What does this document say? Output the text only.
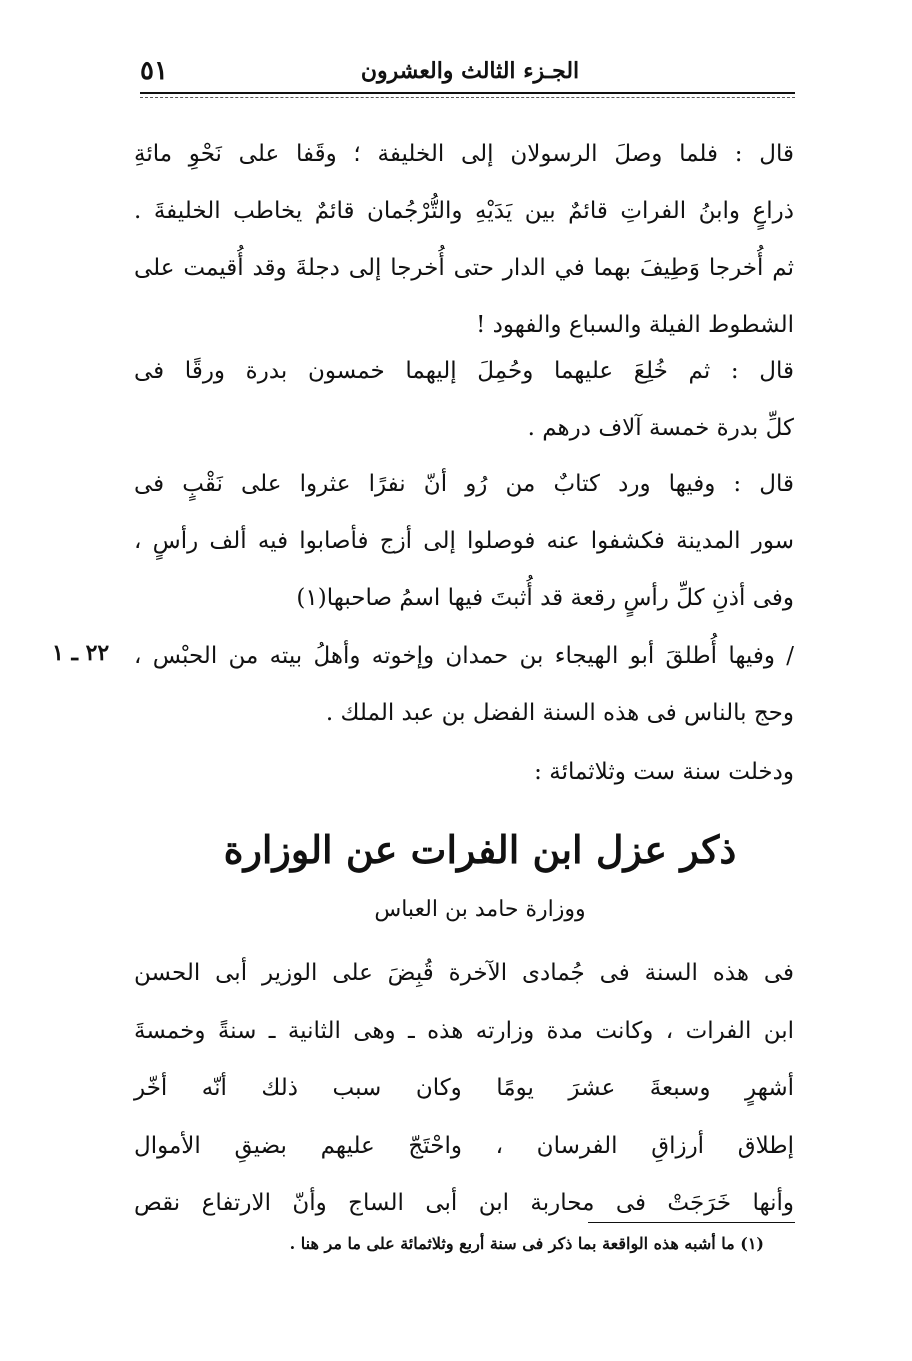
٥١	الجـزء الثالث والعشرون
قال : فلما وصلَ الرسولان إلى الخليفة ؛ وقَفا على نَحْوِ مائةِ
ذراعٍ وابنُ الفراتِ قائمٌ بين يَدَيْهِ والتُّرْجُمان قائمٌ يخاطب الخليفةَ .
ثم أُخرجا وَطِيفَ بهما في الدار حتى أُخرجا إلى دجلةَ وقد أُقيمت على
الشطوط الفيلة والسباع والفهود !
قال : ثم خُلِعَ عليهما وحُمِلَ إليهما خمسون بدرة ورقًا فى
كلِّ بدرة خمسة آلاف درهم .
قال : وفيها ورد كتابٌ من رُو أنّ نفرًا عثروا على نَقْبٍ فى
سور المدينة فكشفوا عنه فوصلوا إلى أزج فأصابوا فيه ألف رأسٍ ،
وفى أذنِ كلِّ رأسٍ رقعة قد أُثبتَ فيها اسمُ صاحبها(١)
٢٢ ـ ١ / وفيها أُطلقَ أبو الهيجاء بن حمدان وإخوته وأهلُ بيته من الحبْس ،
وحج بالناس فى هذه السنة الفضل بن عبد الملك .
ودخلت سنة ست وثلاثمائة :
ذكر عزل ابن الفرات عن الوزارة
ووزارة حامد بن العباس
فى هذه السنة فى جُمادى الآخرة قُبِضَ على الوزير أبى الحسن
ابن الفرات ، وكانت مدة وزارته هذه ـ وهى الثانية ـ سنةً وخمسةَ
أشهرٍ وسبعةَ عشرَ يومًا وكان سبب ذلك أنّه أخّر
إطلاق أرزاقِ الفرسان ، واحْتَجّ عليهم بضيقِ الأموال
وأنها خَرَجَتْ فى محاربة ابن أبى الساج وأنّ الارتفاع نقص
(١) ما أشبه هذه الواقعة بما ذكر فى سنة أربع وثلاثمائة على ما مر هنا .
